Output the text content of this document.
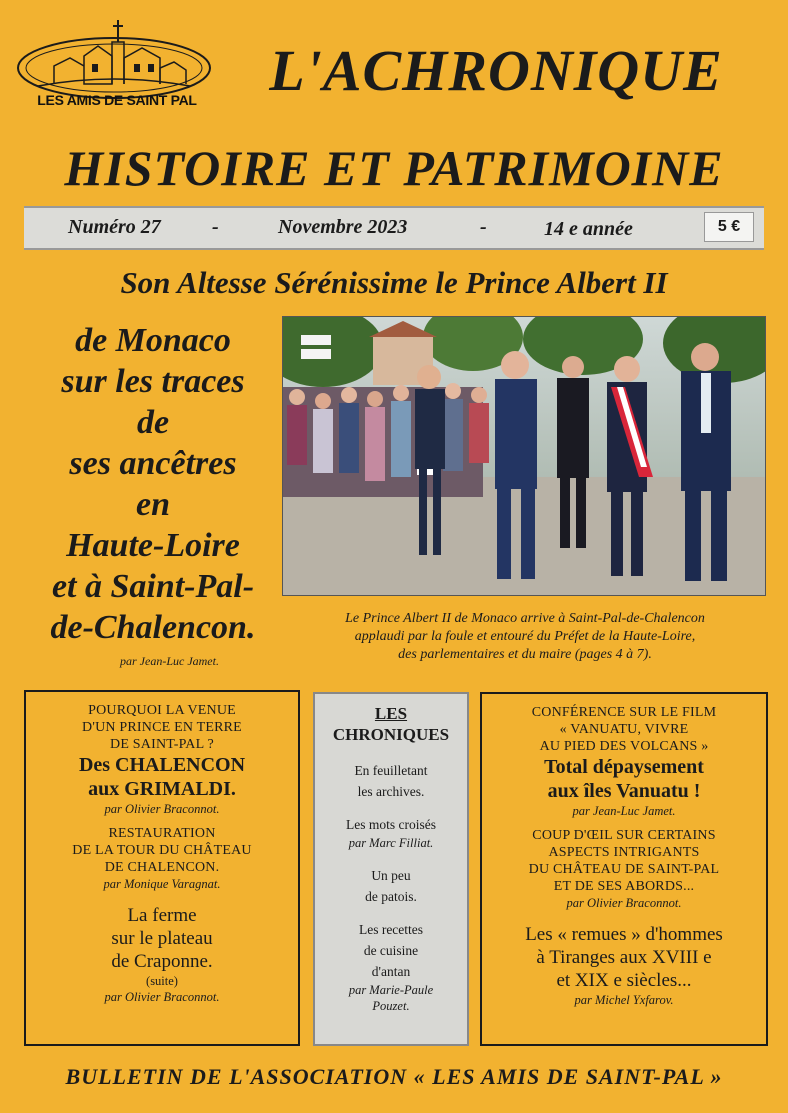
LES AMIS DE SAINT PAL	L'ACHRONIQUE
HISTOIRE ET PATRIMOINE
Numéro 27	-	Novembre 2023	-	14 e année	5 €
Son Altesse Sérénissime le Prince Albert II
de Monaco
sur les traces
de
ses ancêtres
en
Haute-Loire
et à Saint-Pal-
de-Chalencon.
par Jean-Luc Jamet.
Le Prince Albert II de Monaco arrive à Saint-Pal-de-Chalencon
applaudi par la foule et entouré du Préfet de la Haute-Loire,
des parlementaires et du maire (pages 4 à 7).
POURQUOI LA VENUE
D'UN PRINCE EN TERRE
DE SAINT-PAL ?
Des CHALENCON
aux GRIMALDI.
par Olivier Braconnot.
RESTAURATION
DE LA TOUR DU CHÂTEAU
DE CHALENCON.
par Monique Varagnat.
La ferme
sur le plateau
de Craponne.
(suite)
par Olivier Braconnot.
LES
CHRONIQUES
En feuilletant
les archives.
Les mots croisés
par Marc Filliat.
Un peu
de patois.
Les recettes
de cuisine
d'antan
par Marie-Paule
Pouzet.
CONFÉRENCE SUR LE FILM
« VANUATU, VIVRE
AU PIED DES VOLCANS »
Total dépaysement
aux îles Vanuatu !
par Jean-Luc Jamet.
COUP D'ŒIL SUR CERTAINS
ASPECTS INTRIGANTS
DU CHÂTEAU DE SAINT-PAL
ET DE SES ABORDS...
par Olivier Braconnot.
Les « remues » d'hommes
à Tiranges aux XVIII e
et XIX e siècles...
par Michel Yxfarov.
BULLETIN DE L'ASSOCIATION « LES AMIS DE SAINT-PAL »
